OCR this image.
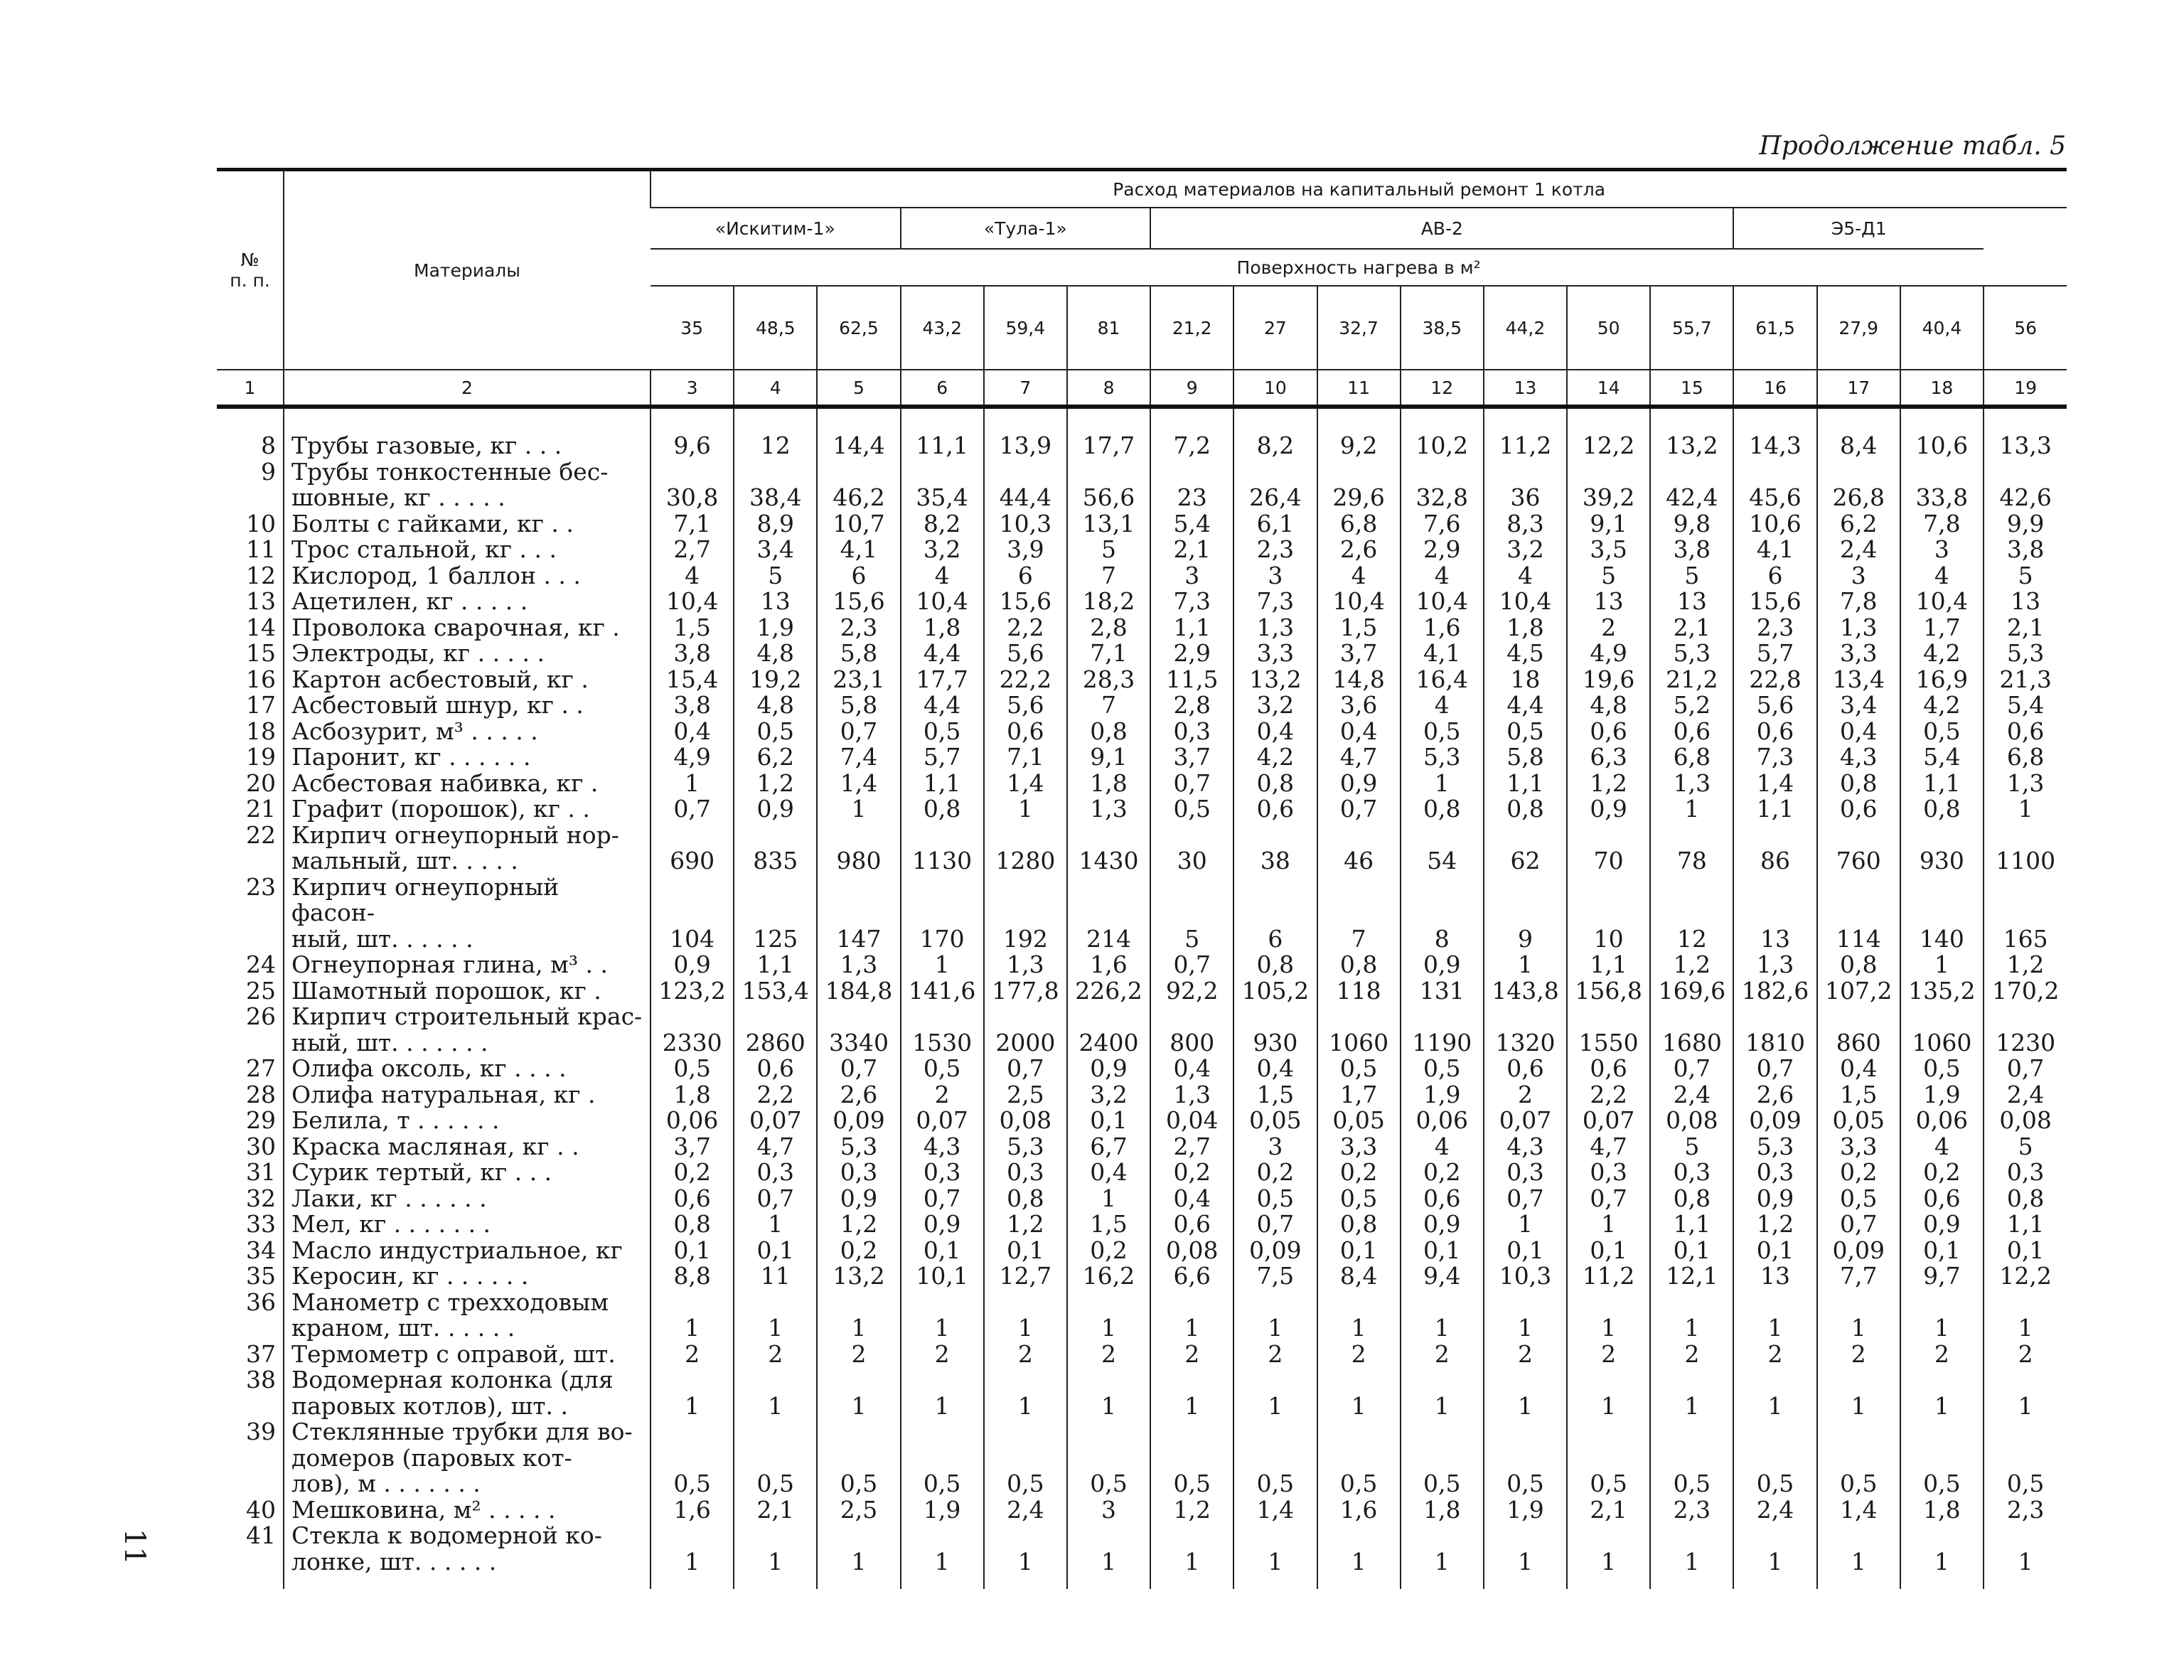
Продолжение табл. 5
№
п. п.	Материалы	Расход материалов на капитальный ремонт 1 котла																
		«Искитим-1»			«Тула-1»			АВ-2							Э5-Д1			
		Поверхность нагрева в м²																
		35	48,5	62,5	43,2	59,4	81	21,2	27	32,7	38,5	44,2	50	55,7	61,5	27,9	40,4	56
1	2	3	4	5	6	7	8	9	10	11	12	13	14	15	16	17	18	19
8	Трубы газовые, кг . . .	9,6	12	14,4	11,1	13,9	17,7	7,2	8,2	9,2	10,2	11,2	12,2	13,2	14,3	8,4	10,6	13,3
9	Трубы тонкостенные бес-
шовные, кг . . . . .	30,8	38,4	46,2	35,4	44,4	56,6	23	26,4	29,6	32,8	36	39,2	42,4	45,6	26,8	33,8	42,6
10	Болты с гайками, кг . .	7,1	8,9	10,7	8,2	10,3	13,1	5,4	6,1	6,8	7,6	8,3	9,1	9,8	10,6	6,2	7,8	9,9
11	Трос стальной, кг . . .	2,7	3,4	4,1	3,2	3,9	5	2,1	2,3	2,6	2,9	3,2	3,5	3,8	4,1	2,4	3	3,8
12	Кислород, 1 баллон . . .	4	5	6	4	6	7	3	3	4	4	4	5	5	6	3	4	5
13	Ацетилен, кг . . . . .	10,4	13	15,6	10,4	15,6	18,2	7,3	7,3	10,4	10,4	10,4	13	13	15,6	7,8	10,4	13
14	Проволока сварочная, кг .	1,5	1,9	2,3	1,8	2,2	2,8	1,1	1,3	1,5	1,6	1,8	2	2,1	2,3	1,3	1,7	2,1
15	Электроды, кг . . . . .	3,8	4,8	5,8	4,4	5,6	7,1	2,9	3,3	3,7	4,1	4,5	4,9	5,3	5,7	3,3	4,2	5,3
16	Картон асбестовый, кг .	15,4	19,2	23,1	17,7	22,2	28,3	11,5	13,2	14,8	16,4	18	19,6	21,2	22,8	13,4	16,9	21,3
17	Асбестовый шнур, кг . .	3,8	4,8	5,8	4,4	5,6	7	2,8	3,2	3,6	4	4,4	4,8	5,2	5,6	3,4	4,2	5,4
18	Асбозурит, м³ . . . . .	0,4	0,5	0,7	0,5	0,6	0,8	0,3	0,4	0,4	0,5	0,5	0,6	0,6	0,6	0,4	0,5	0,6
19	Паронит, кг . . . . . .	4,9	6,2	7,4	5,7	7,1	9,1	3,7	4,2	4,7	5,3	5,8	6,3	6,8	7,3	4,3	5,4	6,8
20	Асбестовая набивка, кг .	1	1,2	1,4	1,1	1,4	1,8	0,7	0,8	0,9	1	1,1	1,2	1,3	1,4	0,8	1,1	1,3
21	Графит (порошок), кг . .	0,7	0,9	1	0,8	1	1,3	0,5	0,6	0,7	0,8	0,8	0,9	1	1,1	0,6	0,8	1
22	Кирпич огнеупорный нор-
мальный, шт. . . . .	690	835	980	1130	1280	1430	30	38	46	54	62	70	78	86	760	930	1100
23	Кирпич огнеупорный фасон-
ный, шт. . . . . .	104	125	147	170	192	214	5	6	7	8	9	10	12	13	114	140	165
24	Огнеупорная глина, м³ . .	0,9	1,1	1,3	1	1,3	1,6	0,7	0,8	0,8	0,9	1	1,1	1,2	1,3	0,8	1	1,2
25	Шамотный порошок, кг .	123,2	153,4	184,8	141,6	177,8	226,2	92,2	105,2	118	131	143,8	156,8	169,6	182,6	107,2	135,2	170,2
26	Кирпич строительный крас-
ный, шт. . . . . . .	2330	2860	3340	1530	2000	2400	800	930	1060	1190	1320	1550	1680	1810	860	1060	1230
27	Олифа оксоль, кг . . . .	0,5	0,6	0,7	0,5	0,7	0,9	0,4	0,4	0,5	0,5	0,6	0,6	0,7	0,7	0,4	0,5	0,7
28	Олифа натуральная, кг .	1,8	2,2	2,6	2	2,5	3,2	1,3	1,5	1,7	1,9	2	2,2	2,4	2,6	1,5	1,9	2,4
29	Белила, т . . . . . .	0,06	0,07	0,09	0,07	0,08	0,1	0,04	0,05	0,05	0,06	0,07	0,07	0,08	0,09	0,05	0,06	0,08
30	Краска масляная, кг . .	3,7	4,7	5,3	4,3	5,3	6,7	2,7	3	3,3	4	4,3	4,7	5	5,3	3,3	4	5
31	Сурик тертый, кг . . .	0,2	0,3	0,3	0,3	0,3	0,4	0,2	0,2	0,2	0,2	0,3	0,3	0,3	0,3	0,2	0,2	0,3
32	Лаки, кг . . . . . .	0,6	0,7	0,9	0,7	0,8	1	0,4	0,5	0,5	0,6	0,7	0,7	0,8	0,9	0,5	0,6	0,8
33	Мел, кг . . . . . . .	0,8	1	1,2	0,9	1,2	1,5	0,6	0,7	0,8	0,9	1	1	1,1	1,2	0,7	0,9	1,1
34	Масло индустриальное, кг	0,1	0,1	0,2	0,1	0,1	0,2	0,08	0,09	0,1	0,1	0,1	0,1	0,1	0,1	0,09	0,1	0,1
35	Керосин, кг . . . . . .	8,8	11	13,2	10,1	12,7	16,2	6,6	7,5	8,4	9,4	10,3	11,2	12,1	13	7,7	9,7	12,2
36	Манометр с трехходовым
краном, шт. . . . . .	1	1	1	1	1	1	1	1	1	1	1	1	1	1	1	1	1
37	Термометр с оправой, шт.	2	2	2	2	2	2	2	2	2	2	2	2	2	2	2	2	2
38	Водомерная колонка (для
паровых котлов), шт. .	1	1	1	1	1	1	1	1	1	1	1	1	1	1	1	1	1
39	Стеклянные трубки для во-
домеров (паровых кот-
лов), м . . . . . . .	0,5	0,5	0,5	0,5	0,5	0,5	0,5	0,5	0,5	0,5	0,5	0,5	0,5	0,5	0,5	0,5	0,5
40	Мешковина, м² . . . . .	1,6	2,1	2,5	1,9	2,4	3	1,2	1,4	1,6	1,8	1,9	2,1	2,3	2,4	1,4	1,8	2,3
41	Стекла к водомерной ко-
лонке, шт. . . . . .	1	1	1	1	1	1	1	1	1	1	1	1	1	1	1	1	1
11
